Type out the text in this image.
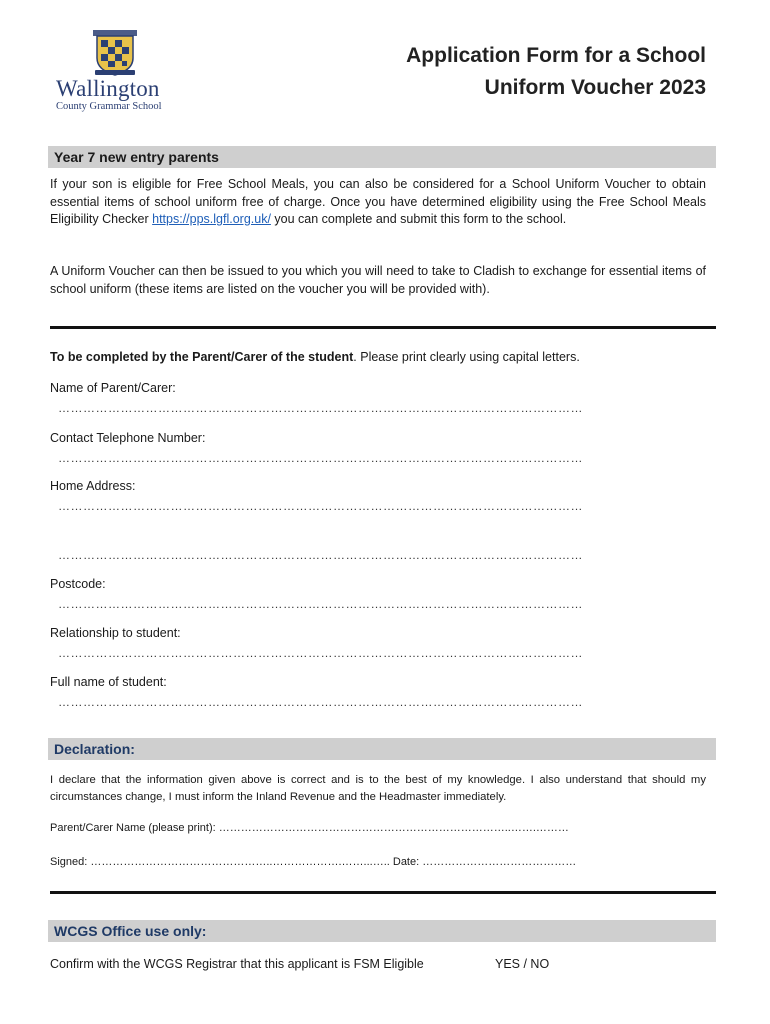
Wallington
County Grammar School
Application Form for a School
Uniform Voucher 2023
Year 7 new entry parents
If your son is eligible for Free School Meals, you can also be considered for a School Uniform Voucher to obtain essential items of school uniform free of charge. Once you have determined eligibility using the Free School Meals Eligibility Checker https://pps.lgfl.org.uk/ you can complete and submit this form to the school.
A Uniform Voucher can then be issued to you which you will need to take to Cladish to exchange for essential items of school uniform (these items are listed on the voucher you will be provided with).
To be completed by the Parent/Carer of the student. Please print clearly using capital letters.
Name of Parent/Carer:
………………………………………………………………………………………………………………
Contact Telephone Number:
………………………………………………………………………………………………………………
Home Address:
………………………………………………………………………………………………………………
………………………………………………………………………………………………………………
Postcode:
………………………………………………………………………………………………………………
Relationship to student:
………………………………………………………………………………………………………………
Full name of student:
………………………………………………………………………………………………………………
Declaration:
I declare that the information given above is correct and is to the best of my knowledge. I also understand that should my circumstances change, I must inform the Inland Revenue and the Headmaster immediately.
Parent/Carer Name (please print): ……………………………………………………………………..…….………
Signed: …………………………………………..……………….……...….. Date: ……………………………………
WCGS Office use only:
Confirm with the WCGS Registrar that this applicant is FSM Eligible	YES / NO
